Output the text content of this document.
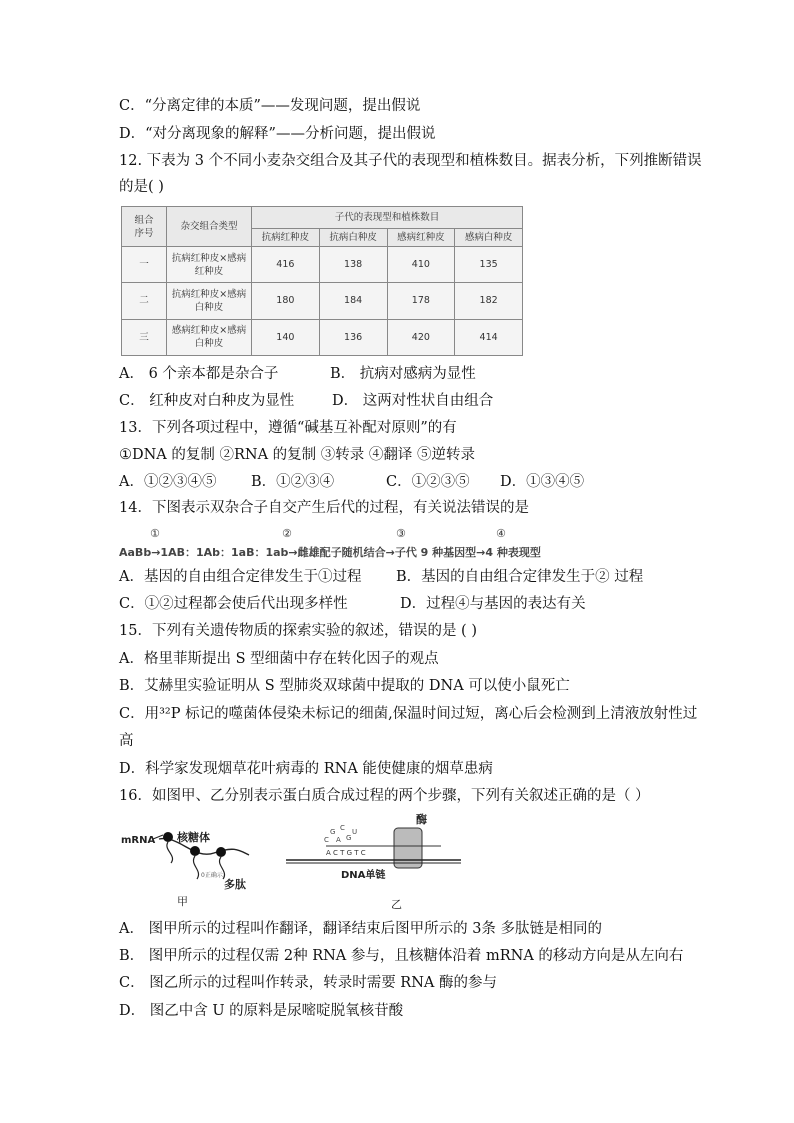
C．“分离定律的本质”——发现问题，提出假说
D．“对分离现象的解释”——分析问题，提出假说
12. 下表为 3 个不同小麦杂交组合及其子代的表现型和植株数目。据表分析，下列推断错误
的是( )
组合
序号	杂交组合类型	子代的表现型和植株数目			
		抗病红种皮	抗病白种皮	感病红种皮	感病白种皮
一	抗病红种皮×感病红种皮	416	138	410	135
二	抗病红种皮×感病白种皮	180	184	178	182
三	感病红种皮×感病白种皮	140	136	420	414
A． 6 个亲本都是杂合子	B． 抗病对感病为显性
C． 红种皮对白种皮为显性	D． 这两对性状自由组合
13．下列各项过程中，遵循“碱基互补配对原则”的有
①DNA 的复制 ②RNA 的复制 ③转录 ④翻译 ⑤逆转录
A．①②③④⑤ B．①②③④	C．①②③⑤ D．①③④⑤
14．下图表示双杂合子自交产生后代的过程，有关说法错误的是
①	②	③	④
AaBb→1AB：1Ab：1aB：1ab→雌雄配子随机结合→子代 9 种基因型→4 种表现型
A．基因的自由组合定律发生于①过程 B．基因的自由组合定律发生于② 过程
C．①②过程都会使后代出现多样性	D．过程④与基因的表达有关
15．下列有关遗传物质的探索实验的叙述，错误的是 ( )
A．格里菲斯提出 S 型细菌中存在转化因子的观点
B．艾赫里实验证明从 S 型肺炎双球菌中提取的 DNA 可以使小鼠死亡
C．用³²P 标记的噬菌体侵染未标记的细菌,保温时间过短，离心后会检测到上清液放射性过
高
D．科学家发现烟草花叶病毒的 RNA 能使健康的烟草患病
16．如图甲、乙分别表示蛋白质合成过程的两个步骤，下列有关叙述正确的是（ ）
mRNA 核糖体
0正确示
多肽
甲
酶
G C U
C A G
A C T G T C
DNA单链
乙
A． 图甲所示的过程叫作翻译，翻译结束后图甲所示的 3条 多肽链是相同的
B． 图甲所示的过程仅需 2种 RNA 参与，且核糖体沿着 mRNA 的移动方向是从左向右
C． 图乙所示的过程叫作转录，转录时需要 RNA 酶的参与
D． 图乙中含 U 的原料是尿嘧啶脱氧核苷酸
